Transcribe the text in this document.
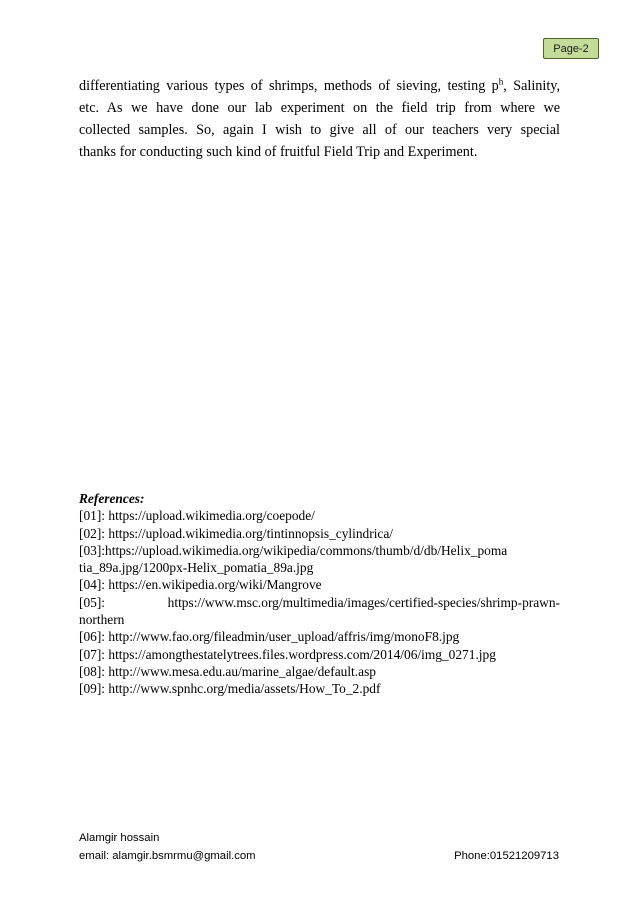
Page-2
differentiating various types of shrimps, methods of sieving, testing $p^h$, Salinity,
etc. As we have done our lab experiment on the field trip from where we
collected samples. So, again I wish to give all of our teachers very special
thanks for conducting such kind of fruitful Field Trip and Experiment.
References:
[01]: https://upload.wikimedia.org/coepode/
[02]: https://upload.wikimedia.org/tintinnopsis_cylindrica/
[03]:https://upload.wikimedia.org/wikipedia/commons/thumb/d/db/Helix_poma
tia_89a.jpg/1200px-Helix_pomatia_89a.jpg
[04]: https://en.wikipedia.org/wiki/Mangrove
[05]: https://www.msc.org/multimedia/images/certified-species/shrimp-prawn-
northern
[06]: http://www.fao.org/fileadmin/user_upload/affris/img/monoF8.jpg
[07]: https://amongthestatelytrees.files.wordpress.com/2014/06/img_0271.jpg
[08]: http://www.mesa.edu.au/marine_algae/default.asp
[09]: http://www.spnhc.org/media/assets/How_To_2.pdf
Alamgir hossain
email: alamgir.bsmrmu@gmail.com	Phone:01521209713
